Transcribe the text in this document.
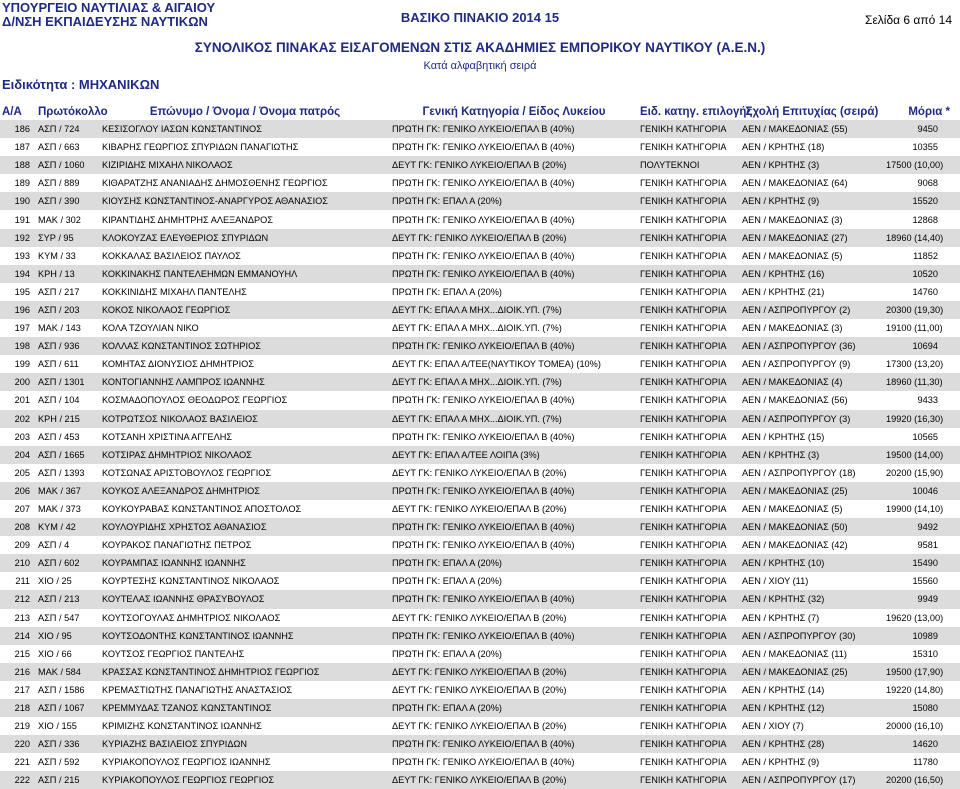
ΥΠΟΥΡΓΕΙΟ ΝΑΥΤΙΛΙΑΣ & ΑΙΓΑΙΟΥ
Δ/ΝΣΗ ΕΚΠΑΙΔΕΥΣΗΣ ΝΑΥΤΙΚΩΝ	ΒΑΣΙΚΟ ΠΙΝΑΚΙΟ 2014 15	Σελίδα 6 από 14
ΣΥΝΟΛΙΚΟΣ ΠΙΝΑΚΑΣ ΕΙΣΑΓΟΜΕΝΩΝ ΣΤΙΣ ΑΚΑΔΗΜΙΕΣ ΕΜΠΟΡΙΚΟΥ ΝΑΥΤΙΚΟΥ (Α.Ε.Ν.)
Κατά αλφαβητική σειρά
Ειδικότητα : ΜΗΧΑΝΙΚΩΝ
Α/Α	Πρωτόκολλο	Επώνυμο / Όνομα / Όνομα πατρός	Γενική Κατηγορία / Είδος Λυκείου	Ειδ. κατηγ. επιλογής	Σχολή Επιτυχίας (σειρά)	Μόρια *
186	ΑΣΠ / 724	ΚΕΣΙΣΟΓΛΟΥ ΙΑΣΩΝ ΚΩΝΣΤΑΝΤΙΝΟΣ	ΠΡΩΤΗ ΓΚ: ΓΕΝΙΚΟ ΛΥΚΕΙΟ/ΕΠΑΛ Β (40%)	ΓΕΝΙΚΗ ΚΑΤΗΓΟΡΙΑ	ΑΕΝ / ΜΑΚΕΔΟΝΙΑΣ (55)	9450
187	ΑΣΠ / 663	ΚΙΒΑΡΗΣ ΓΕΩΡΓΙΟΣ ΣΠΥΡΙΔΩΝ ΠΑΝΑΓΙΩΤΗΣ	ΠΡΩΤΗ ΓΚ: ΓΕΝΙΚΟ ΛΥΚΕΙΟ/ΕΠΑΛ Β (40%)	ΓΕΝΙΚΗ ΚΑΤΗΓΟΡΙΑ	ΑΕΝ / ΚΡΗΤΗΣ (18)	10355
188	ΑΣΠ / 1060	ΚΙΖΙΡΙΔΗΣ ΜΙΧΑΗΛ ΝΙΚΟΛΑΟΣ	ΔΕΥΤ ΓΚ: ΓΕΝΙΚΟ ΛΥΚΕΙΟ/ΕΠΑΛ Β (20%)	ΠΟΛΥΤΕΚΝΟΙ	ΑΕΝ / ΚΡΗΤΗΣ (3)	17500 (10,00)
189	ΑΣΠ / 889	ΚΙΘΑΡΑΤΖΗΣ ΑΝΑΝΙΑΔΗΣ ΔΗΜΟΣΘΕΝΗΣ ΓΕΩΡΓΙΟΣ	ΠΡΩΤΗ ΓΚ: ΓΕΝΙΚΟ ΛΥΚΕΙΟ/ΕΠΑΛ Β (40%)	ΓΕΝΙΚΗ ΚΑΤΗΓΟΡΙΑ	ΑΕΝ / ΜΑΚΕΔΟΝΙΑΣ (64)	9068
190	ΑΣΠ / 390	ΚΙΟΥΣΗΣ ΚΩΝΣΤΑΝΤΙΝΟΣ-ΑΝΑΡΓΥΡΟΣ ΑΘΑΝΑΣΙΟΣ	ΠΡΩΤΗ ΓΚ: ΕΠΑΛ Α (20%)	ΓΕΝΙΚΗ ΚΑΤΗΓΟΡΙΑ	ΑΕΝ / ΚΡΗΤΗΣ (9)	15520
191	ΜΑΚ / 302	ΚΙΡΑΝΤΙΔΗΣ ΔΗΜΗΤΡΗΣ ΑΛΕΞΑΝΔΡΟΣ	ΠΡΩΤΗ ΓΚ: ΓΕΝΙΚΟ ΛΥΚΕΙΟ/ΕΠΑΛ Β (40%)	ΓΕΝΙΚΗ ΚΑΤΗΓΟΡΙΑ	ΑΕΝ / ΜΑΚΕΔΟΝΙΑΣ (3)	12868
192	ΣΥΡ / 95	ΚΛΟΚΟΥΖΑΣ ΕΛΕΥΘΕΡΙΟΣ ΣΠΥΡΙΔΩΝ	ΔΕΥΤ ΓΚ: ΓΕΝΙΚΟ ΛΥΚΕΙΟ/ΕΠΑΛ Β (20%)	ΓΕΝΙΚΗ ΚΑΤΗΓΟΡΙΑ	ΑΕΝ / ΜΑΚΕΔΟΝΙΑΣ (27)	18960 (14,40)
193	ΚΥΜ / 33	ΚΟΚΚΑΛΑΣ ΒΑΣΙΛΕΙΟΣ ΠΑΥΛΟΣ	ΠΡΩΤΗ ΓΚ: ΓΕΝΙΚΟ ΛΥΚΕΙΟ/ΕΠΑΛ Β (40%)	ΓΕΝΙΚΗ ΚΑΤΗΓΟΡΙΑ	ΑΕΝ / ΜΑΚΕΔΟΝΙΑΣ (5)	11852
194	ΚΡΗ / 13	ΚΟΚΚΙΝΑΚΗΣ ΠΑΝΤΕΛΕΗΜΩΝ ΕΜΜΑΝΟΥΗΛ	ΠΡΩΤΗ ΓΚ: ΓΕΝΙΚΟ ΛΥΚΕΙΟ/ΕΠΑΛ Β (40%)	ΓΕΝΙΚΗ ΚΑΤΗΓΟΡΙΑ	ΑΕΝ / ΚΡΗΤΗΣ (16)	10520
195	ΑΣΠ / 217	ΚΟΚΚΙΝΙΔΗΣ ΜΙΧΑΗΛ ΠΑΝΤΕΛΗΣ	ΠΡΩΤΗ ΓΚ: ΕΠΑΛ Α (20%)	ΓΕΝΙΚΗ ΚΑΤΗΓΟΡΙΑ	ΑΕΝ / ΚΡΗΤΗΣ (21)	14760
196	ΑΣΠ / 203	ΚΟΚΟΣ ΝΙΚΟΛΑΟΣ ΓΕΩΡΓΙΟΣ	ΔΕΥΤ ΓΚ: ΕΠΑΛ Α ΜΗΧ...ΔΙΟΙΚ.ΥΠ. (7%)	ΓΕΝΙΚΗ ΚΑΤΗΓΟΡΙΑ	ΑΕΝ / ΑΣΠΡΟΠΥΡΓΟΥ (2)	20300 (19,30)
197	ΜΑΚ / 143	ΚΟΛΑ ΤΖΟΥΛΙΑΝ ΝΙΚΟ	ΔΕΥΤ ΓΚ: ΕΠΑΛ Α ΜΗΧ...ΔΙΟΙΚ.ΥΠ. (7%)	ΓΕΝΙΚΗ ΚΑΤΗΓΟΡΙΑ	ΑΕΝ / ΜΑΚΕΔΟΝΙΑΣ (3)	19100 (11,00)
198	ΑΣΠ / 936	ΚΟΛΛΑΣ ΚΩΝΣΤΑΝΤΙΝΟΣ ΣΩΤΗΡΙΟΣ	ΠΡΩΤΗ ΓΚ: ΓΕΝΙΚΟ ΛΥΚΕΙΟ/ΕΠΑΛ Β (40%)	ΓΕΝΙΚΗ ΚΑΤΗΓΟΡΙΑ	ΑΕΝ / ΑΣΠΡΟΠΥΡΓΟΥ (36)	10694
199	ΑΣΠ / 611	ΚΟΜΗΤΑΣ ΔΙΟΝΥΣΙΟΣ ΔΗΜΗΤΡΙΟΣ	ΔΕΥΤ ΓΚ: ΕΠΑΛ Α/ΤΕΕ(ΝΑΥΤΙΚΟΥ ΤΟΜΕΑ) (10%)	ΓΕΝΙΚΗ ΚΑΤΗΓΟΡΙΑ	ΑΕΝ / ΑΣΠΡΟΠΥΡΓΟΥ (9)	17300 (13,20)
200	ΑΣΠ / 1301	ΚΟΝΤΟΓΙΑΝΝΗΣ ΛΑΜΠΡΟΣ ΙΩΑΝΝΗΣ	ΔΕΥΤ ΓΚ: ΕΠΑΛ Α ΜΗΧ...ΔΙΟΙΚ.ΥΠ. (7%)	ΓΕΝΙΚΗ ΚΑΤΗΓΟΡΙΑ	ΑΕΝ / ΜΑΚΕΔΟΝΙΑΣ (4)	18960 (11,30)
201	ΑΣΠ / 104	ΚΟΣΜΑΔΟΠΟΥΛΟΣ ΘΕΟΔΩΡΟΣ ΓΕΩΡΓΙΟΣ	ΠΡΩΤΗ ΓΚ: ΓΕΝΙΚΟ ΛΥΚΕΙΟ/ΕΠΑΛ Β (40%)	ΓΕΝΙΚΗ ΚΑΤΗΓΟΡΙΑ	ΑΕΝ / ΜΑΚΕΔΟΝΙΑΣ (56)	9433
202	ΚΡΗ / 215	ΚΟΤΡΩΤΣΟΣ ΝΙΚΟΛΑΟΣ ΒΑΣΙΛΕΙΟΣ	ΔΕΥΤ ΓΚ: ΕΠΑΛ Α ΜΗΧ...ΔΙΟΙΚ.ΥΠ. (7%)	ΓΕΝΙΚΗ ΚΑΤΗΓΟΡΙΑ	ΑΕΝ / ΑΣΠΡΟΠΥΡΓΟΥ (3)	19920 (16,30)
203	ΑΣΠ / 453	ΚΟΤΣΑΝΗ ΧΡΙΣΤΙΝΑ ΑΓΓΕΛΗΣ	ΠΡΩΤΗ ΓΚ: ΓΕΝΙΚΟ ΛΥΚΕΙΟ/ΕΠΑΛ Β (40%)	ΓΕΝΙΚΗ ΚΑΤΗΓΟΡΙΑ	ΑΕΝ / ΚΡΗΤΗΣ (15)	10565
204	ΑΣΠ / 1665	ΚΟΤΣΙΡΑΣ ΔΗΜΗΤΡΙΟΣ ΝΙΚΟΛΑΟΣ	ΔΕΥΤ ΓΚ: ΕΠΑΛ Α/ΤΕΕ ΛΟΙΠΑ (3%)	ΓΕΝΙΚΗ ΚΑΤΗΓΟΡΙΑ	ΑΕΝ / ΚΡΗΤΗΣ (3)	19500 (14,00)
205	ΑΣΠ / 1393	ΚΟΤΣΩΝΑΣ ΑΡΙΣΤΟΒΟΥΛΟΣ ΓΕΩΡΓΙΟΣ	ΔΕΥΤ ΓΚ: ΓΕΝΙΚΟ ΛΥΚΕΙΟ/ΕΠΑΛ Β (20%)	ΓΕΝΙΚΗ ΚΑΤΗΓΟΡΙΑ	ΑΕΝ / ΑΣΠΡΟΠΥΡΓΟΥ (18)	20200 (15,90)
206	ΜΑΚ / 367	ΚΟΥΚΟΣ ΑΛΕΞΑΝΔΡΟΣ ΔΗΜΗΤΡΙΟΣ	ΠΡΩΤΗ ΓΚ: ΓΕΝΙΚΟ ΛΥΚΕΙΟ/ΕΠΑΛ Β (40%)	ΓΕΝΙΚΗ ΚΑΤΗΓΟΡΙΑ	ΑΕΝ / ΜΑΚΕΔΟΝΙΑΣ (25)	10046
207	ΜΑΚ / 373	ΚΟΥΚΟΥΡΑΒΑΣ ΚΩΝΣΤΑΝΤΙΝΟΣ ΑΠΟΣΤΟΛΟΣ	ΔΕΥΤ ΓΚ: ΓΕΝΙΚΟ ΛΥΚΕΙΟ/ΕΠΑΛ Β (20%)	ΓΕΝΙΚΗ ΚΑΤΗΓΟΡΙΑ	ΑΕΝ / ΜΑΚΕΔΟΝΙΑΣ (5)	19900 (14,10)
208	ΚΥΜ / 42	ΚΟΥΛΟΥΡΙΔΗΣ ΧΡΗΣΤΟΣ ΑΘΑΝΑΣΙΟΣ	ΠΡΩΤΗ ΓΚ: ΓΕΝΙΚΟ ΛΥΚΕΙΟ/ΕΠΑΛ Β (40%)	ΓΕΝΙΚΗ ΚΑΤΗΓΟΡΙΑ	ΑΕΝ / ΜΑΚΕΔΟΝΙΑΣ (50)	9492
209	ΑΣΠ / 4	ΚΟΥΡΑΚΟΣ ΠΑΝΑΓΙΩΤΗΣ ΠΕΤΡΟΣ	ΠΡΩΤΗ ΓΚ: ΓΕΝΙΚΟ ΛΥΚΕΙΟ/ΕΠΑΛ Β (40%)	ΓΕΝΙΚΗ ΚΑΤΗΓΟΡΙΑ	ΑΕΝ / ΜΑΚΕΔΟΝΙΑΣ (42)	9581
210	ΑΣΠ / 602	ΚΟΥΡΑΜΠΑΣ ΙΩΑΝΝΗΣ ΙΩΑΝΝΗΣ	ΠΡΩΤΗ ΓΚ: ΕΠΑΛ Α (20%)	ΓΕΝΙΚΗ ΚΑΤΗΓΟΡΙΑ	ΑΕΝ / ΚΡΗΤΗΣ (10)	15490
211	ΧΙΟ / 25	ΚΟΥΡΤΕΣΗΣ ΚΩΝΣΤΑΝΤΙΝΟΣ ΝΙΚΟΛΑΟΣ	ΠΡΩΤΗ ΓΚ: ΕΠΑΛ Α (20%)	ΓΕΝΙΚΗ ΚΑΤΗΓΟΡΙΑ	ΑΕΝ / ΧΙΟΥ (11)	15560
212	ΑΣΠ / 213	ΚΟΥΤΕΛΑΣ ΙΩΑΝΝΗΣ ΘΡΑΣΥΒΟΥΛΟΣ	ΠΡΩΤΗ ΓΚ: ΓΕΝΙΚΟ ΛΥΚΕΙΟ/ΕΠΑΛ Β (40%)	ΓΕΝΙΚΗ ΚΑΤΗΓΟΡΙΑ	ΑΕΝ / ΚΡΗΤΗΣ (32)	9949
213	ΑΣΠ / 547	ΚΟΥΤΣΟΓΟΥΛΑΣ ΔΗΜΗΤΡΙΟΣ ΝΙΚΟΛΑΟΣ	ΔΕΥΤ ΓΚ: ΓΕΝΙΚΟ ΛΥΚΕΙΟ/ΕΠΑΛ Β (20%)	ΓΕΝΙΚΗ ΚΑΤΗΓΟΡΙΑ	ΑΕΝ / ΚΡΗΤΗΣ (7)	19620 (13,00)
214	ΧΙΟ / 95	ΚΟΥΤΣΟΔΟΝΤΗΣ ΚΩΝΣΤΑΝΤΙΝΟΣ ΙΩΑΝΝΗΣ	ΠΡΩΤΗ ΓΚ: ΓΕΝΙΚΟ ΛΥΚΕΙΟ/ΕΠΑΛ Β (40%)	ΓΕΝΙΚΗ ΚΑΤΗΓΟΡΙΑ	ΑΕΝ / ΑΣΠΡΟΠΥΡΓΟΥ (30)	10989
215	ΧΙΟ / 66	ΚΟΥΤΣΟΣ ΓΕΩΡΓΙΟΣ ΠΑΝΤΕΛΗΣ	ΠΡΩΤΗ ΓΚ: ΕΠΑΛ Α (20%)	ΓΕΝΙΚΗ ΚΑΤΗΓΟΡΙΑ	ΑΕΝ / ΜΑΚΕΔΟΝΙΑΣ (11)	15310
216	ΜΑΚ / 584	ΚΡΑΣΣΑΣ ΚΩΝΣΤΑΝΤΙΝΟΣ ΔΗΜΗΤΡΙΟΣ ΓΕΩΡΓΙΟΣ	ΔΕΥΤ ΓΚ: ΓΕΝΙΚΟ ΛΥΚΕΙΟ/ΕΠΑΛ Β (20%)	ΓΕΝΙΚΗ ΚΑΤΗΓΟΡΙΑ	ΑΕΝ / ΜΑΚΕΔΟΝΙΑΣ (25)	19500 (17,90)
217	ΑΣΠ / 1586	ΚΡΕΜΑΣΤΙΩΤΗΣ ΠΑΝΑΓΙΩΤΗΣ ΑΝΑΣΤΑΣΙΟΣ	ΔΕΥΤ ΓΚ: ΓΕΝΙΚΟ ΛΥΚΕΙΟ/ΕΠΑΛ Β (20%)	ΓΕΝΙΚΗ ΚΑΤΗΓΟΡΙΑ	ΑΕΝ / ΚΡΗΤΗΣ (14)	19220 (14,80)
218	ΑΣΠ / 1067	ΚΡΕΜΜΥΔΑΣ ΤΖΑΝΟΣ ΚΩΝΣΤΑΝΤΙΝΟΣ	ΠΡΩΤΗ ΓΚ: ΕΠΑΛ Α (20%)	ΓΕΝΙΚΗ ΚΑΤΗΓΟΡΙΑ	ΑΕΝ / ΚΡΗΤΗΣ (12)	15080
219	ΧΙΟ / 155	ΚΡΙΜΙΖΗΣ ΚΩΝΣΤΑΝΤΙΝΟΣ ΙΩΑΝΝΗΣ	ΔΕΥΤ ΓΚ: ΓΕΝΙΚΟ ΛΥΚΕΙΟ/ΕΠΑΛ Β (20%)	ΓΕΝΙΚΗ ΚΑΤΗΓΟΡΙΑ	ΑΕΝ / ΧΙΟΥ (7)	20000 (16,10)
220	ΑΣΠ / 336	ΚΥΡΙΑΖΗΣ ΒΑΣΙΛΕΙΟΣ ΣΠΥΡΙΔΩΝ	ΠΡΩΤΗ ΓΚ: ΓΕΝΙΚΟ ΛΥΚΕΙΟ/ΕΠΑΛ Β (40%)	ΓΕΝΙΚΗ ΚΑΤΗΓΟΡΙΑ	ΑΕΝ / ΚΡΗΤΗΣ (28)	14620
221	ΑΣΠ / 592	ΚΥΡΙΑΚΟΠΟΥΛΟΣ ΓΕΩΡΓΙΟΣ ΙΩΑΝΝΗΣ	ΠΡΩΤΗ ΓΚ: ΓΕΝΙΚΟ ΛΥΚΕΙΟ/ΕΠΑΛ Β (40%)	ΓΕΝΙΚΗ ΚΑΤΗΓΟΡΙΑ	ΑΕΝ / ΚΡΗΤΗΣ (9)	11780
222	ΑΣΠ / 215	ΚΥΡΙΑΚΟΠΟΥΛΟΣ ΓΕΩΡΓΙΟΣ ΓΕΩΡΓΙΟΣ	ΔΕΥΤ ΓΚ: ΓΕΝΙΚΟ ΛΥΚΕΙΟ/ΕΠΑΛ Β (20%)	ΓΕΝΙΚΗ ΚΑΤΗΓΟΡΙΑ	ΑΕΝ / ΑΣΠΡΟΠΥΡΓΟΥ (17)	20200 (16,50)
